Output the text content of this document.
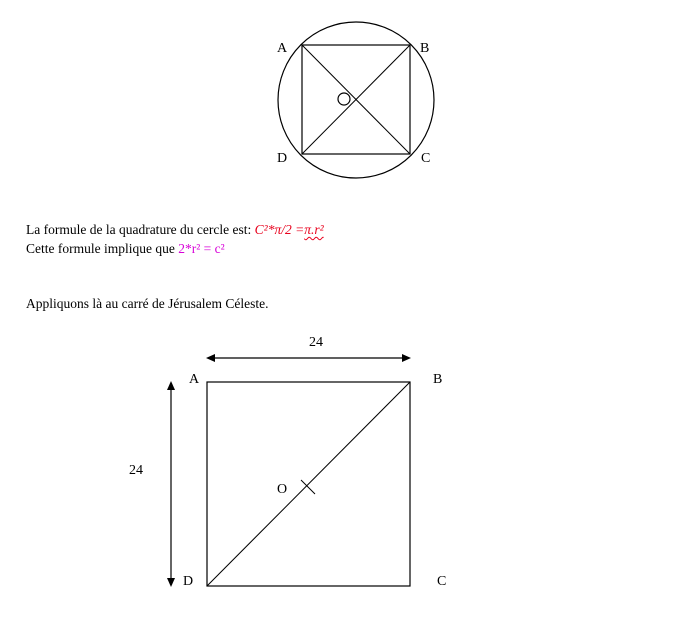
A	B
C
D
24
24
A	B
C
D
O
La formule de la quadrature du cercle est: C²*π/2 =π.r²
Cette formule implique que 2*r² = c²
Appliquons là au carré de Jérusalem Céleste.
